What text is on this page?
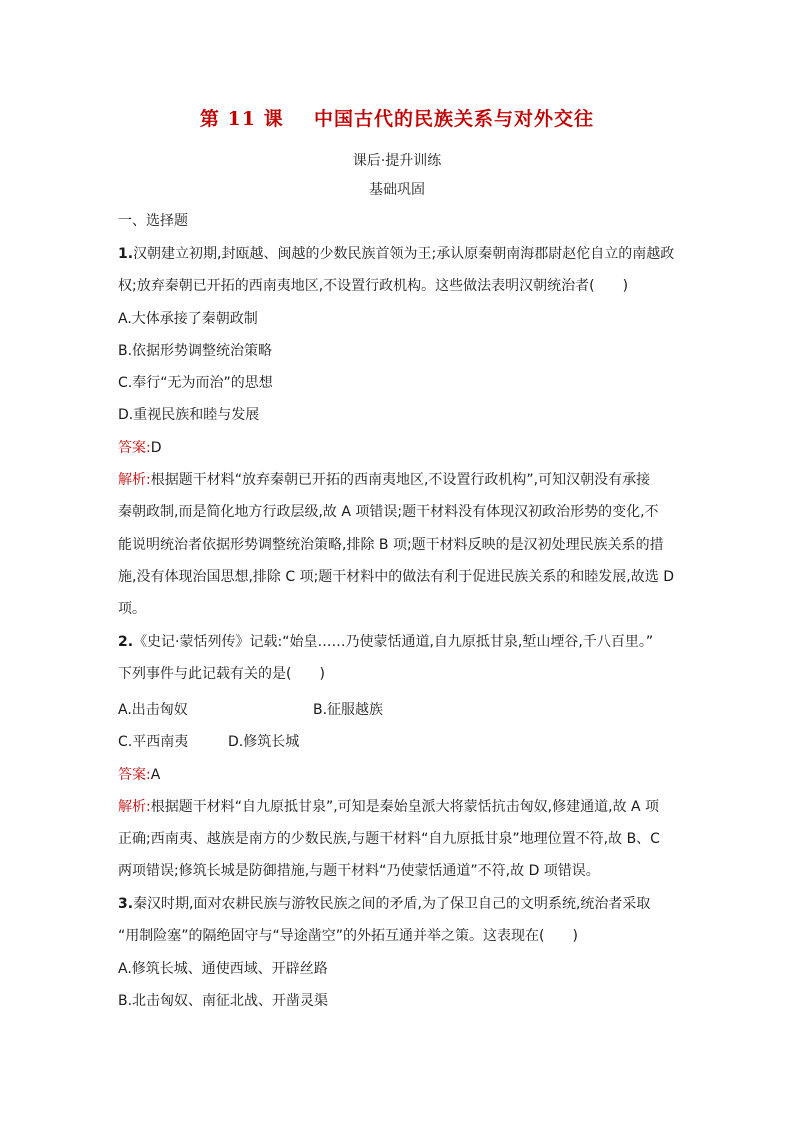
第 11 课    中国古代的民族关系与对外交往
课后·提升训练
基础巩固
一、选择题
1.汉朝建立初期,封瓯越、闽越的少数民族首领为王;承认原秦朝南海郡尉赵佗自立的南越政
权;放弃秦朝已开拓的西南夷地区,不设置行政机构。这些做法表明汉朝统治者(　　)
A.大体承接了秦朝政制
B.依据形势调整统治策略
C.奉行“无为而治”的思想
D.重视民族和睦与发展
答案:D
解析:根据题干材料“放弃秦朝已开拓的西南夷地区,不设置行政机构”,可知汉朝没有承接
秦朝政制,而是简化地方行政层级,故 A 项错误;题干材料没有体现汉初政治形势的变化,不
能说明统治者依据形势调整统治策略,排除 B 项;题干材料反映的是汉初处理民族关系的措
施,没有体现治国思想,排除 C 项;题干材料中的做法有利于促进民族关系的和睦发展,故选 D
项。
2.《史记·蒙恬列传》记载:“始皇……乃使蒙恬通道,自九原抵甘泉,堑山堙谷,千八百里。”
下列事件与此记载有关的是(　　)
A.出击匈奴	B.征服越族
C.平西南夷	D.修筑长城
答案:A
解析:根据题干材料“自九原抵甘泉”,可知是秦始皇派大将蒙恬抗击匈奴,修建通道,故 A 项
正确;西南夷、越族是南方的少数民族,与题干材料“自九原抵甘泉”地理位置不符,故 B、C
两项错误;修筑长城是防御措施,与题干材料“乃使蒙恬通道”不符,故 D 项错误。
3.秦汉时期,面对农耕民族与游牧民族之间的矛盾,为了保卫自己的文明系统,统治者采取
“用制险塞”的隔绝固守与“导途凿空”的外拓互通并举之策。这表现在(　　)
A.修筑长城、通使西域、开辟丝路
B.北击匈奴、南征北战、开凿灵渠
